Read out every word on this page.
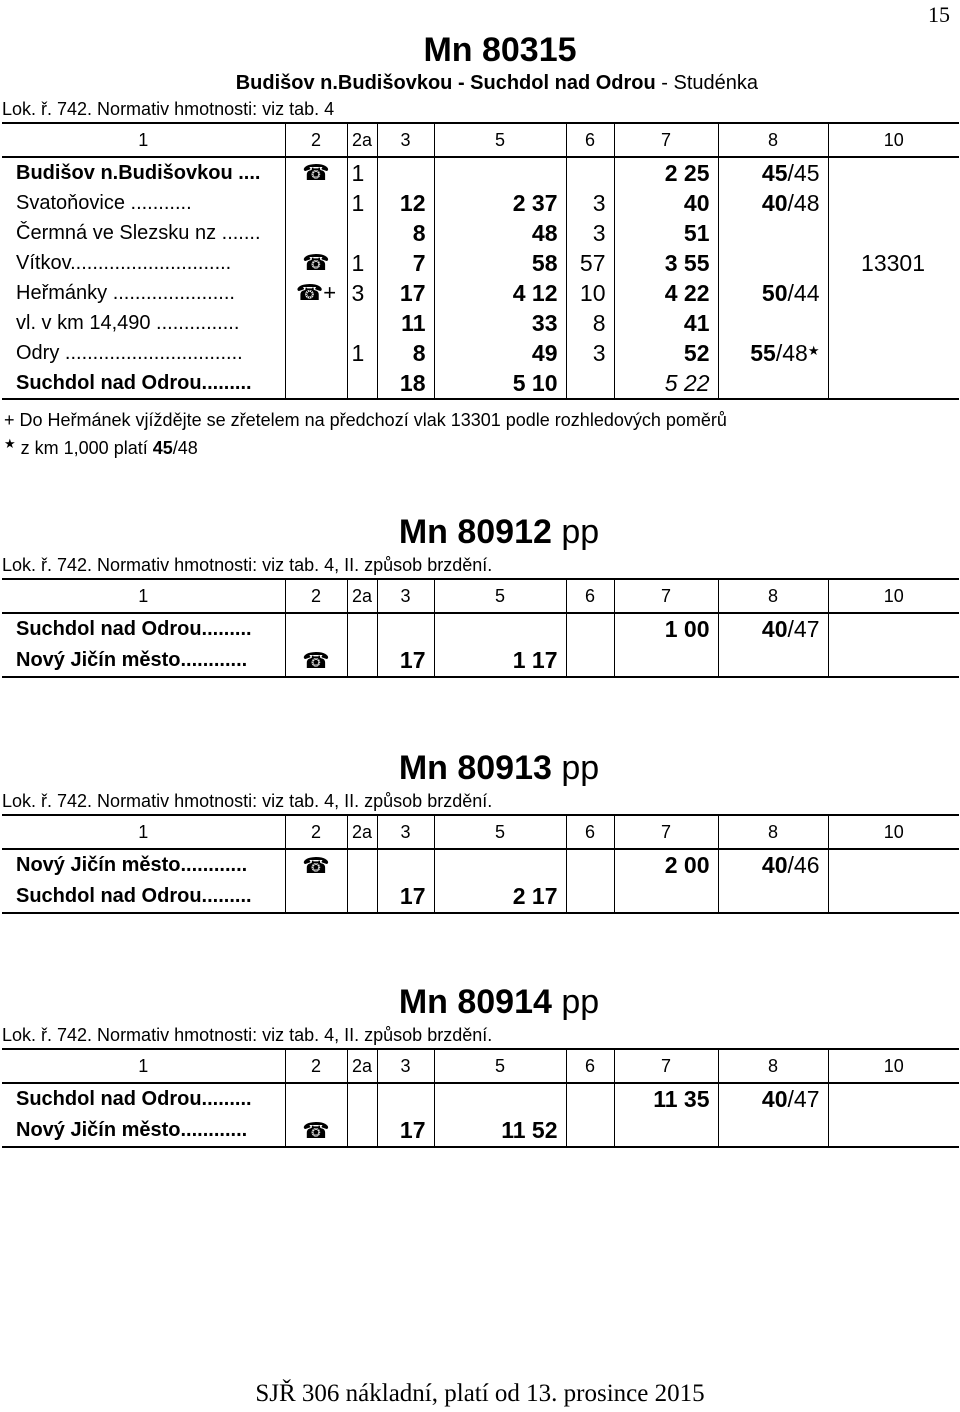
15
Mn 80315
Budišov n.Budišovkou - Suchdol nad Odrou - Studénka
Lok. ř. 742. Normativ hmotnosti: viz tab. 4
1	2	2a	3	5	6	7	8	10
Budišov n.Budišovkou ....	☎	1				2 25	45/45	
Svatoňovice ...........		1	12	2 37	3	40	40/48	
Čermná ve Slezsku nz .......			8	48	3	51		
Vítkov.............................	☎	1	7	58	57	3 55		13301
Heřmánky ......................	☎+	3	17	4 12	10	4 22	50/44	
vl. v km 14,490 ...............			11	33	8	41		
Odry ................................		1	8	49	3	52	55/48★	
Suchdol nad Odrou.........			18	5 10		5 22		
+ Do Heřmánek vjíždějte se zřetelem na předchozí vlak 13301 podle rozhledových poměrů
★ z km 1,000 platí 45/48
Mn 80912 pp
Lok. ř. 742. Normativ hmotnosti: viz tab. 4, II. způsob brzdění.
1	2	2a	3	5	6	7	8	10
Suchdol nad Odrou.........						1 00	40/47	
Nový Jičín město............	☎		17	1 17				
Mn 80913 pp
Lok. ř. 742. Normativ hmotnosti: viz tab. 4, II. způsob brzdění.
1	2	2a	3	5	6	7	8	10
Nový Jičín město............	☎					2 00	40/46	
Suchdol nad Odrou.........			17	2 17				
Mn 80914 pp
Lok. ř. 742. Normativ hmotnosti: viz tab. 4, II. způsob brzdění.
1	2	2a	3	5	6	7	8	10
Suchdol nad Odrou.........						11 35	40/47	
Nový Jičín město............	☎		17	11 52				
SJŘ 306 nákladní, platí od 13. prosince 2015
